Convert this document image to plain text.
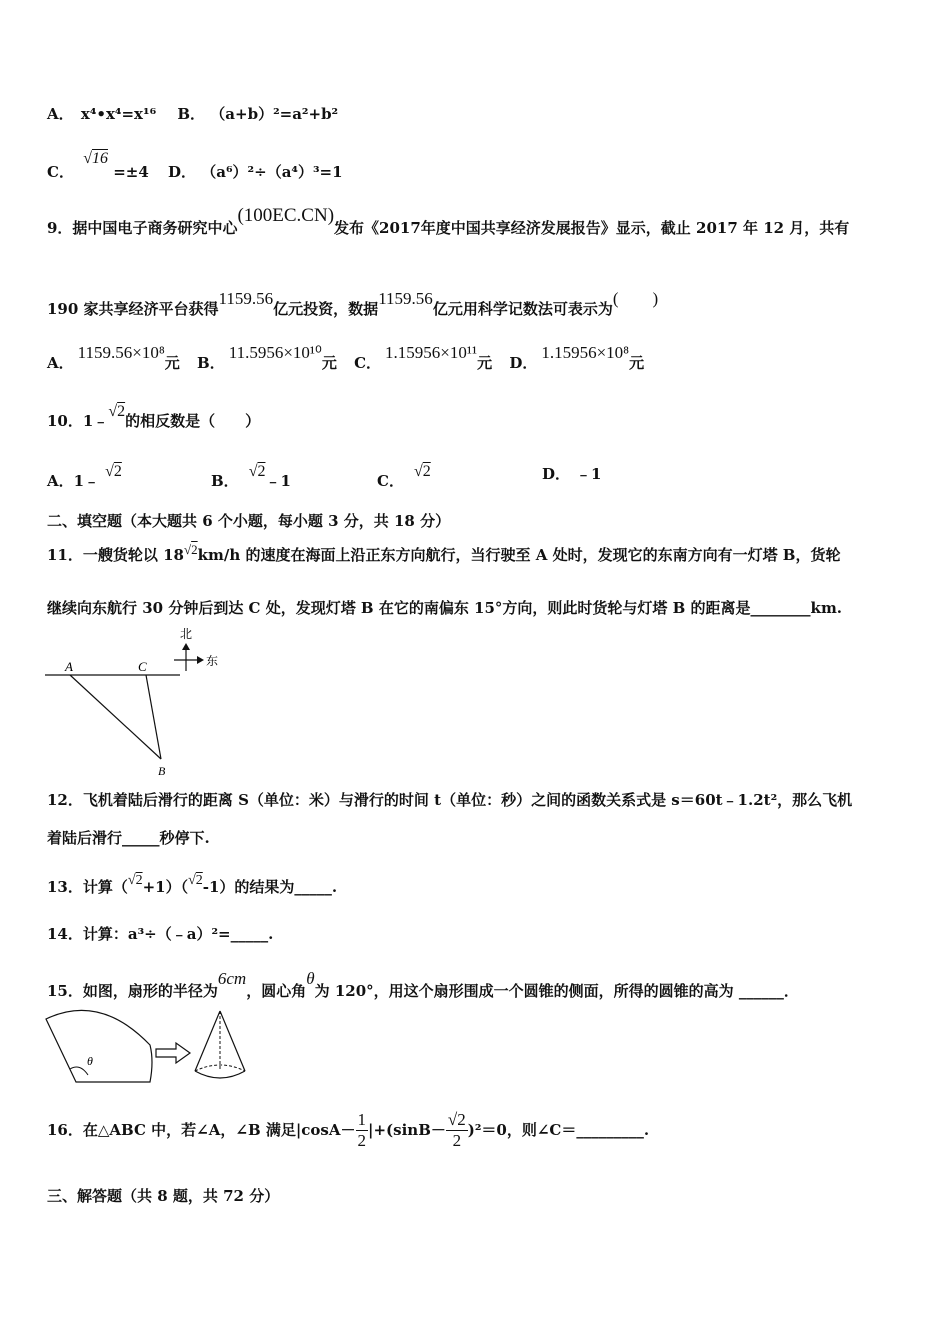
A． x⁴•x⁴=x¹⁶ B． （a+b）²=a²+b²
C． √16 =±4 D． （a⁶）²÷（a⁴）³=1
9．据中国电子商务研究中心(100EC.CN)发布《2017年度中国共享经济发展报告》显示，截止 2017 年 12 月，共有
190 家共享经济平台获得1159.56亿元投资，数据1159.56亿元用科学记数法可表示为(　　)
A．1159.56×10⁸元 B．11.5956×10¹⁰元 C．1.15956×10¹¹元 D．1.15956×10⁸元
10．1﹣√2的相反数是（　　）
A．1﹣√2
B．√2﹣1	C．√2	D． ﹣1
二、填空题（本大题共 6 个小题，每小题 3 分，共 18 分）
11．一艘货轮以 18√2km/h 的速度在海面上沿正东方向航行，当行驶至 A 处时，发现它的东南方向有一灯塔 B，货轮
继续向东航行 30 分钟后到达 C 处，发现灯塔 B 在它的南偏东 15°方向，则此时货轮与灯塔 B 的距离是________km.
A	C
B
北
东
12．飞机着陆后滑行的距离 S（单位：米）与滑行的时间 t（单位：秒）之间的函数关系式是 s＝60t﹣1.2t²，那么飞机
着陆后滑行_____秒停下.
13．计算（√2+1）（√2-1）的结果为_____.
14．计算：a³÷（﹣a）²=_____.
15．如图，扇形的半径为6cm，圆心角θ为 120°，用这个扇形围成一个圆锥的侧面，所得的圆锥的高为 ______．
θ
16．在△ABC 中，若∠A，∠B 满足$|\cos A- \frac{1}{2} |+(\sin B- \frac{√2}{2} )^2=0$，则∠C＝_________.
三、解答题（共 8 题，共 72 分）
